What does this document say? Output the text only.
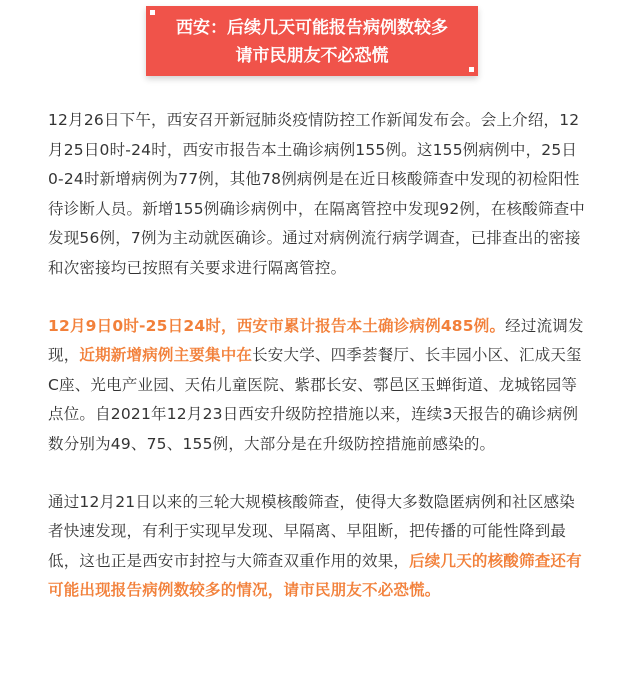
西安：后续几天可能报告病例数较多
请市民朋友不必恐慌

12月26日下午，西安召开新冠肺炎疫情防控工作新闻发布会。会上介绍，12月25日0时-24时，西安市报告本土确诊病例155例。这155例病例中，25日0-24时新增病例为77例，其他78例病例是在近日核酸筛查中发现的初检阳性待诊断人员。新增155例确诊病例中，在隔离管控中发现92例，在核酸筛查中发现56例，7例为主动就医确诊。通过对病例流行病学调查，已排查出的密接和次密接均已按照有关要求进行隔离管控。

12月9日0时-25日24时，西安市累计报告本土确诊病例485例。经过流调发现，近期新增病例主要集中在长安大学、四季荟餐厅、长丰园小区、汇成天玺C座、光电产业园、天佑儿童医院、紫郡长安、鄠邑区玉蝉街道、龙城铭园等点位。自2021年12月23日西安升级防控措施以来，连续3天报告的确诊病例数分别为49、75、155例，大部分是在升级防控措施前感染的。

通过12月21日以来的三轮大规模核酸筛查，使得大多数隐匿病例和社区感染者快速发现，有利于实现早发现、早隔离、早阻断，把传播的可能性降到最低，这也正是西安市封控与大筛查双重作用的效果，后续几天的核酸筛查还有可能出现报告病例数较多的情况，请市民朋友不必恐慌。
